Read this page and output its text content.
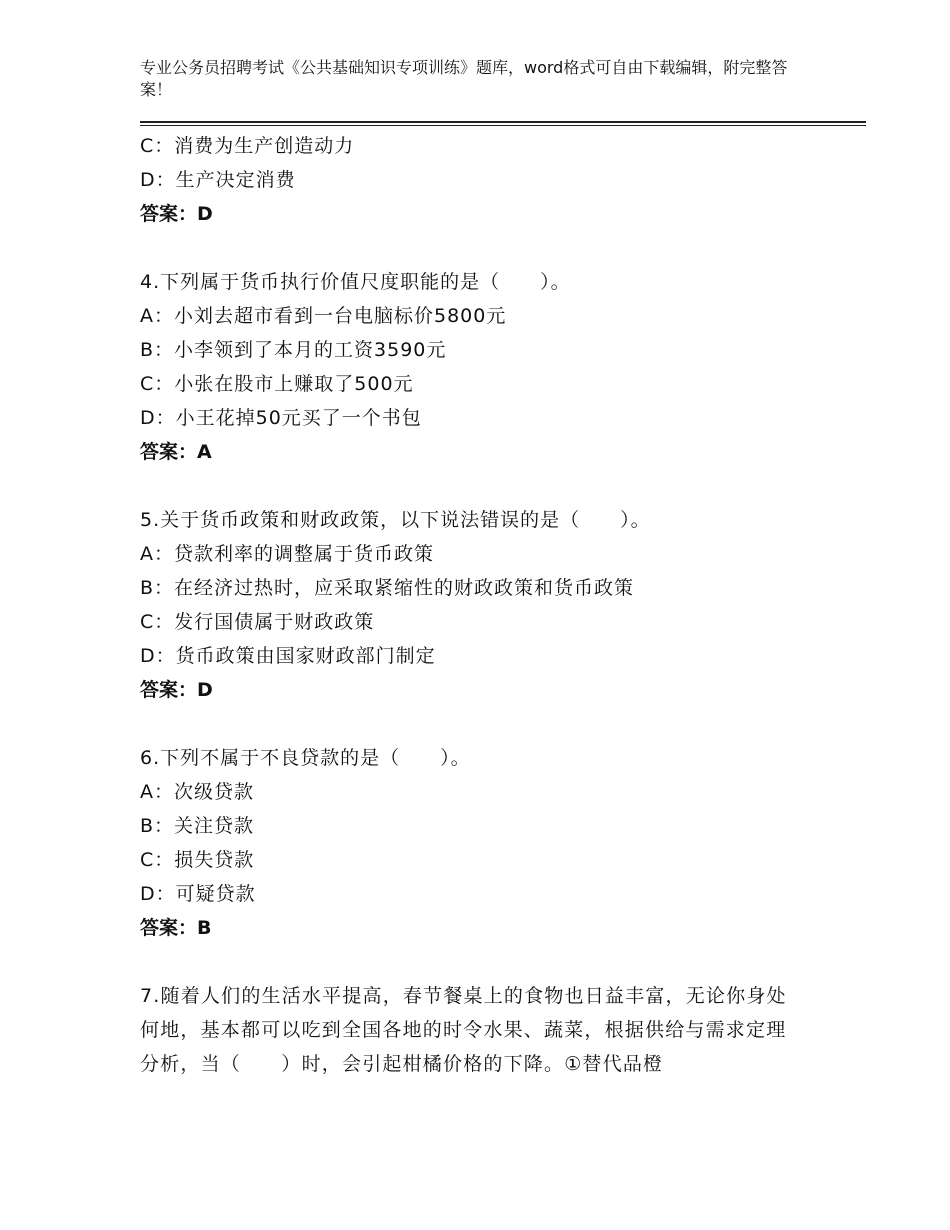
专业公务员招聘考试《公共基础知识专项训练》题库，word格式可自由下载编辑，附完整答案！
C：消费为生产创造动力
D：生产决定消费
答案：D
4.下列属于货币执行价值尺度职能的是（　　）。
A：小刘去超市看到一台电脑标价5800元
B：小李领到了本月的工资3590元
C：小张在股市上赚取了500元
D：小王花掉50元买了一个书包
答案：A
5.关于货币政策和财政政策，以下说法错误的是（　　）。
A：贷款利率的调整属于货币政策
B：在经济过热时，应采取紧缩性的财政政策和货币政策
C：发行国债属于财政政策
D：货币政策由国家财政部门制定
答案：D
6.下列不属于不良贷款的是（　　）。
A：次级贷款
B：关注贷款
C：损失贷款
D：可疑贷款
答案：B
7.随着人们的生活水平提高，春节餐桌上的食物也日益丰富，无论你身处何地，基本都可以吃到全国各地的时令水果、蔬菜，根据供给与需求定理分析，当（　　）时，会引起柑橘价格的下降。①替代品橙
